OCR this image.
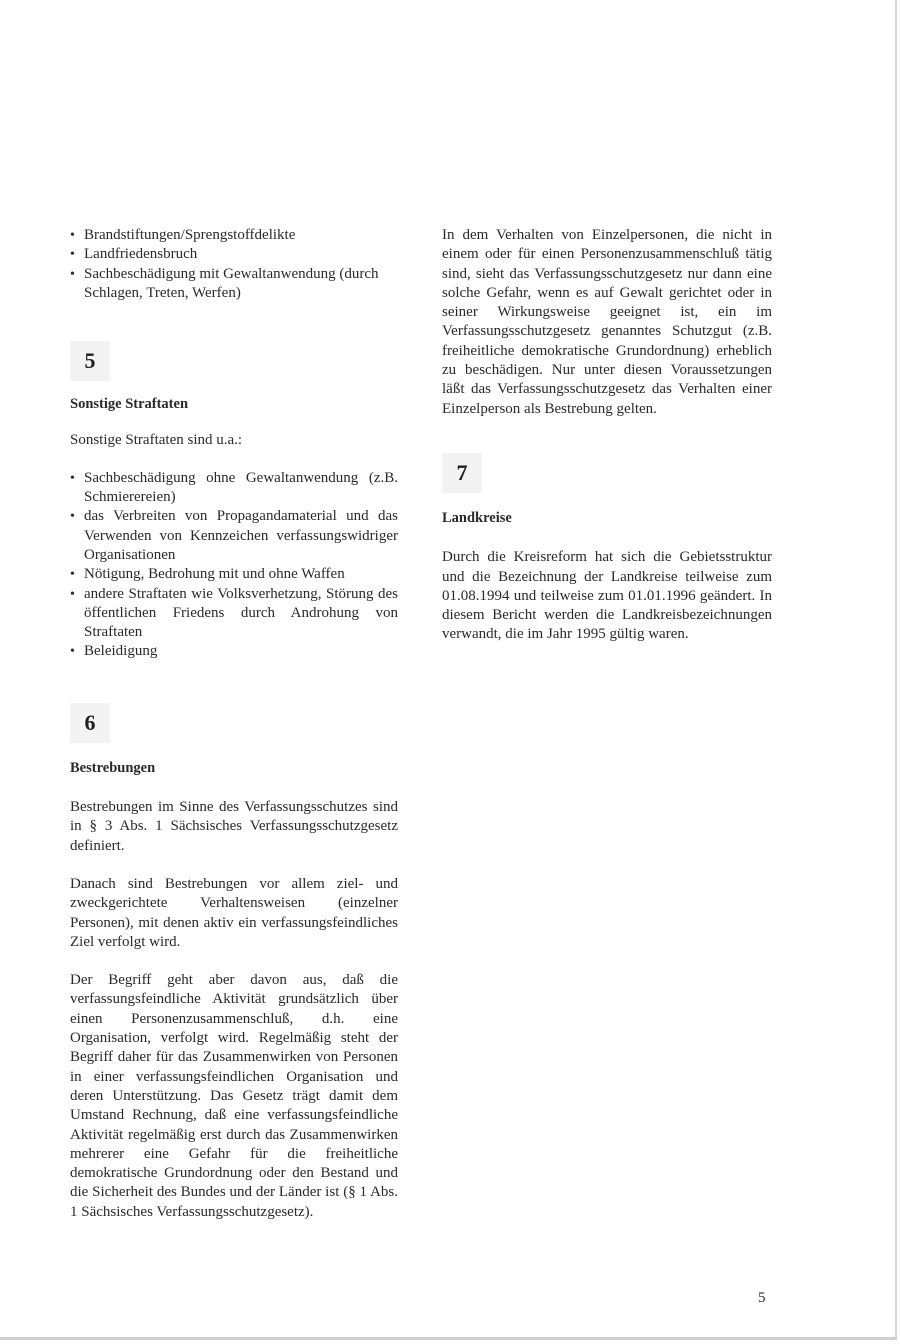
• Brandstiftungen/Sprengstoffdelikte
• Landfriedensbruch
• Sachbeschädigung mit Gewaltanwendung (durch Schlagen, Treten, Werfen)
5
Sonstige Straftaten

Sonstige Straftaten sind u.a.:

• Sachbeschädigung ohne Gewaltanwendung (z.B. Schmierereien)
• das Verbreiten von Propagandamaterial und das Verwenden von Kennzeichen verfassungswidriger Organisationen
• Nötigung, Bedrohung mit und ohne Waffen
• andere Straftaten wie Volksverhetzung, Störung des öffentlichen Friedens durch Androhung von Straftaten
• Beleidigung
6
Bestrebungen

Bestrebungen im Sinne des Verfassungsschutzes sind in § 3 Abs. 1 Sächsisches Verfassungsschutzgesetz definiert.

Danach sind Bestrebungen vor allem ziel- und zweckgerichtete Verhaltensweisen (einzelner Personen), mit denen aktiv ein verfassungsfeindliches Ziel verfolgt wird.

Der Begriff geht aber davon aus, daß die verfassungsfeindliche Aktivität grundsätzlich über einen Personenzusammenschluß, d.h. eine Organisation, verfolgt wird. Regelmäßig steht der Begriff daher für das Zusammenwirken von Personen in einer verfassungsfeindlichen Organisation und deren Unterstützung. Das Gesetz trägt damit dem Umstand Rechnung, daß eine verfassungsfeindliche Aktivität regelmäßig erst durch das Zusammenwirken mehrerer eine Gefahr für die freiheitliche demokratische Grundordnung oder den Bestand und die Sicherheit des Bundes und der Länder ist (§ 1 Abs. 1 Sächsisches Verfassungsschutzgesetz).

In dem Verhalten von Einzelpersonen, die nicht in einem oder für einen Personenzusammenschluß tätig sind, sieht das Verfassungsschutzgesetz nur dann eine solche Gefahr, wenn es auf Gewalt gerichtet oder in seiner Wirkungsweise geeignet ist, ein im Verfassungsschutzgesetz genanntes Schutzgut (z.B. freiheitliche demokratische Grundordnung) erheblich zu beschädigen. Nur unter diesen Voraussetzungen läßt das Verfassungsschutzgesetz das Verhalten einer Einzelperson als Bestrebung gelten.

7
Landkreise

Durch die Kreisreform hat sich die Gebietsstruktur und die Bezeichnung der Landkreise teilweise zum 01.08.1994 und teilweise zum 01.01.1996 geändert. In diesem Bericht werden die Landkreisbezeichnungen verwandt, die im Jahr 1995 gültig waren.

5
